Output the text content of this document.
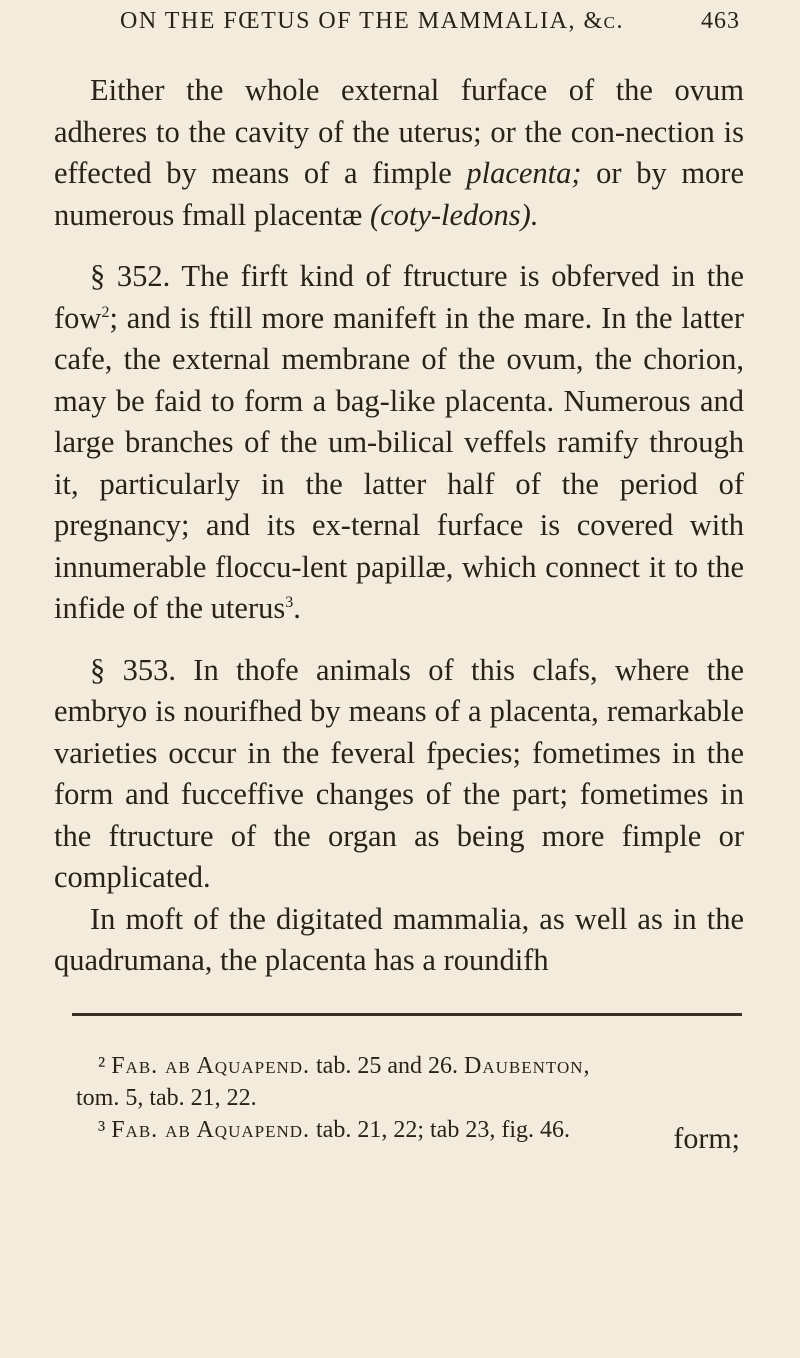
ON THE FŒTUS OF THE MAMMALIA, &c.	463

Either the whole external furface of the ovum adheres to the cavity of the uterus; or the con-nection is effected by means of a fimple placenta; or by more numerous fmall placentæ (coty-ledons).

§ 352. The firft kind of ftructure is obferved in the fow$^2$; and is ftill more manifeft in the mare. In the latter cafe, the external membrane of the ovum, the chorion, may be faid to form a bag-like placenta. Numerous and large branches of the um-bilical veffels ramify through it, particularly in the latter half of the period of pregnancy; and its ex-ternal furface is covered with innumerable floccu-lent papillæ, which connect it to the infide of the uterus$^3$.

§ 353. In thofe animals of this clafs, where the embryo is nourifhed by means of a placenta, remarkable varieties occur in the feveral fpecies; fometimes in the form and fucceffive changes of the part; fometimes in the ftructure of the organ as being more fimple or complicated.

In moft of the digitated mammalia, as well as in the quadrumana, the placenta has a roundifh

² Fab. ab Aquapend. tab. 25 and 26. Daubenton,

tom. 5, tab. 21, 22.

³ Fab. ab Aquapend. tab. 21, 22; tab 23, fig. 46.	form;
